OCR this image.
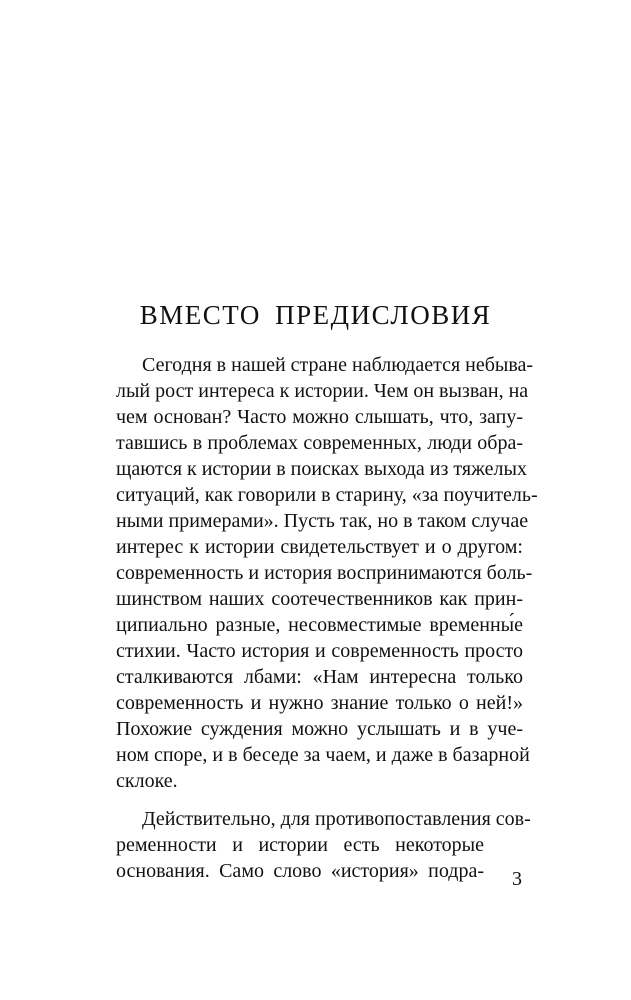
ВМЕСТО ПРЕДИСЛОВИЯ
Сегодня в нашей стране наблюдается небыва-
лый рост интереса к истории. Чем он вызван, на
чем основан? Часто можно слышать, что, запу-
тавшись в проблемах современных, люди обра-
щаются к истории в поисках выхода из тяжелых
ситуаций, как говорили в старину, «за поучитель-
ными примерами». Пусть так, но в таком случае
интерес к истории свидетельствует и о другом:
современность и история воспринимаются боль-
шинством наших соотечественников как прин-
ципиально разные, несовместимые временны́е
стихии. Часто история и современность просто
сталкиваются лбами: «Нам интересна только
современность и нужно знание только о ней!»
Похожие суждения можно услышать и в уче-
ном споре, и в беседе за чаем, и даже в базарной
склоке.
Действительно, для противопоставления сов-
ременности и истории есть некоторые
основания. Само слово «история» подра- 3
